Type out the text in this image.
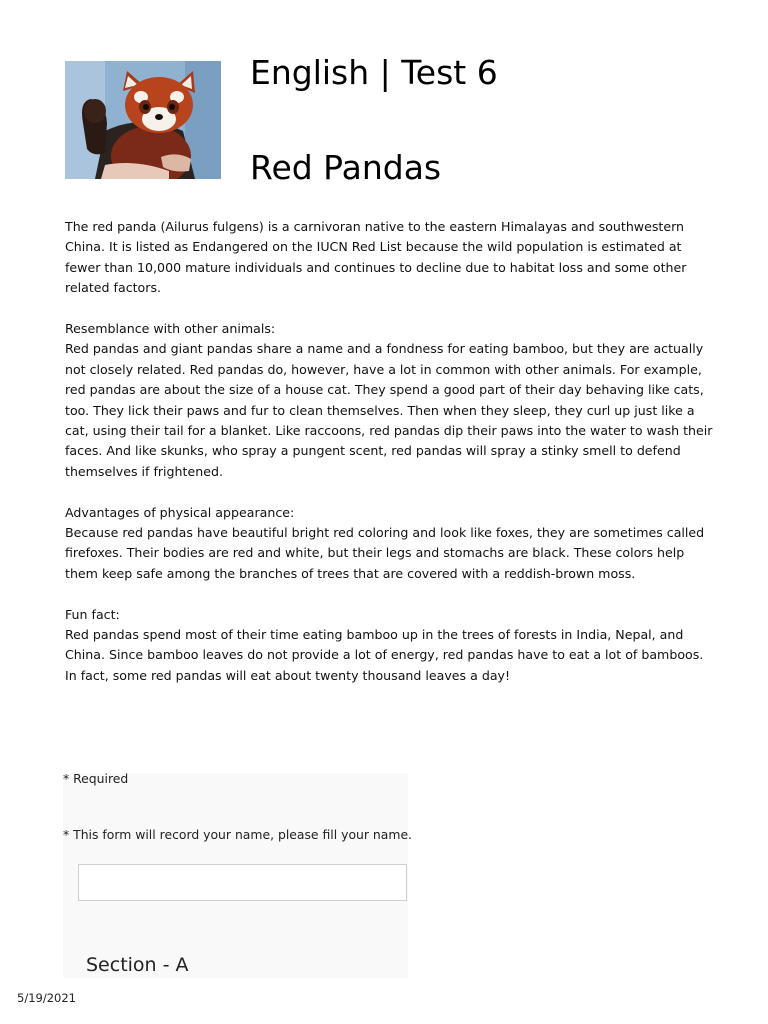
English | Test 6
Red Pandas

The red panda (Ailurus fulgens) is a carnivoran native to the eastern Himalayas and southwestern China. It is listed as Endangered on the IUCN Red List because the wild population is estimated at fewer than 10,000 mature individuals and continues to decline due to habitat loss and some other related factors.

Resemblance with other animals:
Red pandas and giant pandas share a name and a fondness for eating bamboo, but they are actually not closely related. Red pandas do, however, have a lot in common with other animals. For example, red pandas are about the size of a house cat. They spend a good part of their day behaving like cats, too. They lick their paws and fur to clean themselves. Then when they sleep, they curl up just like a cat, using their tail for a blanket. Like raccoons, red pandas dip their paws into the water to wash their faces. And like skunks, who spray a pungent scent, red pandas will spray a stinky smell to defend themselves if frightened.

Advantages of physical appearance:
Because red pandas have beautiful bright red coloring and look like foxes, they are sometimes called firefoxes. Their bodies are red and white, but their legs and stomachs are black. These colors help them keep safe among the branches of trees that are covered with a reddish-brown moss.

Fun fact:
Red pandas spend most of their time eating bamboo up in the trees of forests in India, Nepal, and China. Since bamboo leaves do not provide a lot of energy, red pandas have to eat a lot of bamboos. In fact, some red pandas will eat about twenty thousand leaves a day!

* Required
* This form will record your name, please fill your name.
Section - A
5/19/2021
